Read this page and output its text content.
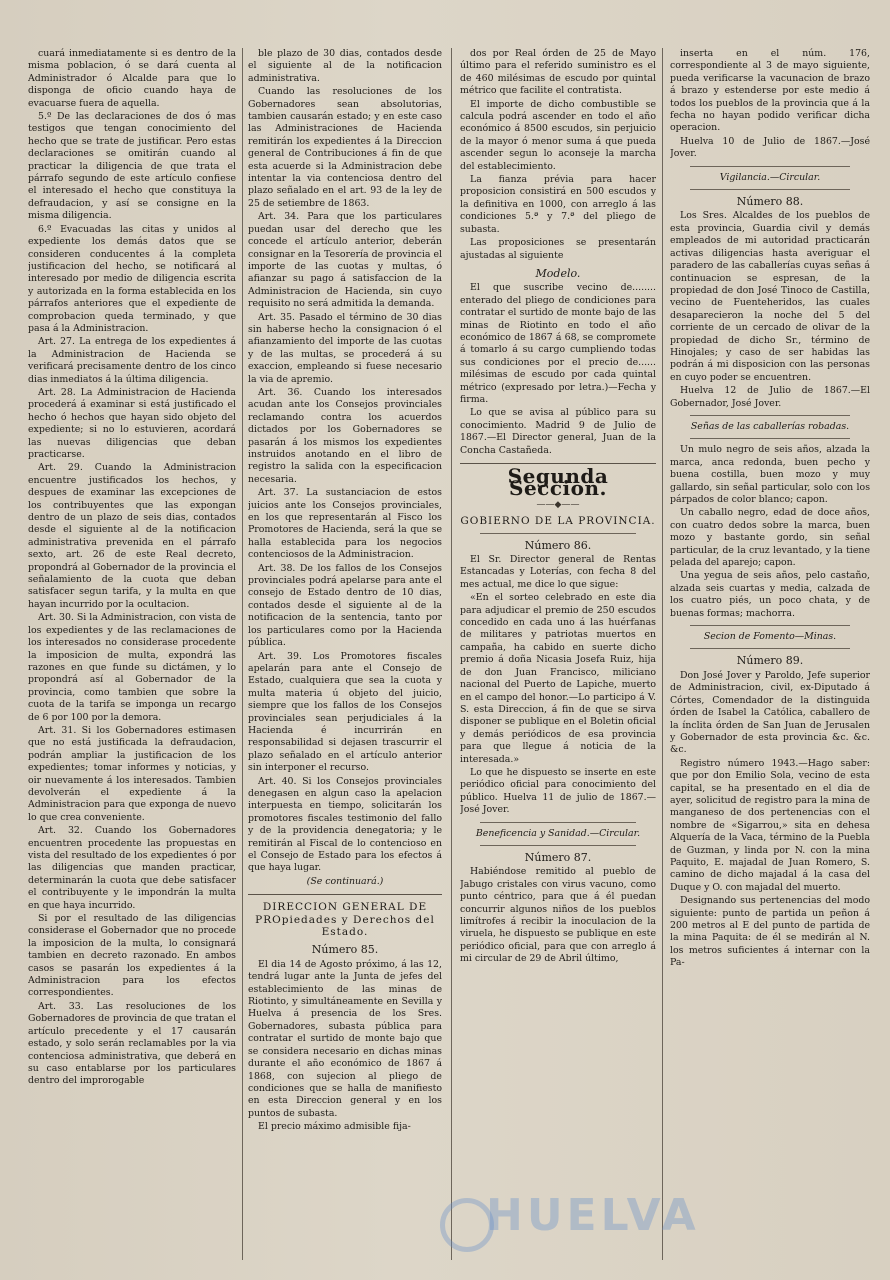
cuará inmediatamente si es dentro de la misma poblacion, ó se dará cuenta al Administrador ó Alcalde para que lo disponga de oficio cuando haya de evacuarse fuera de aquella.

5.º De las declaraciones de dos ó mas testigos que tengan conocimiento del hecho que se trate de justificar. Pero estas declaraciones se omitirán cuando al practicar la diligencia de que trata el párrafo segundo de este artículo confiese el interesado el hecho que constituya la defraudacion, y así se consigne en la misma diligencia.

6.º Evacuadas las citas y unidos al expediente los demás datos que se consideren conducentes á la completa justificacion del hecho, se notificará al interesado por medio de diligencia escrita y autorizada en la forma establecida en los párrafos anteriores que el expediente de comprobacion queda terminado, y que pasa á la Administracion.

Art. 27. La entrega de los expedientes á la Administracion de Hacienda se verificará precisamente dentro de los cinco dias inmediatos á la última diligencia.

Art. 28. La Administracion de Hacienda procederá á examinar si está justificado el hecho ó hechos que hayan sido objeto del expediente; si no lo estuvieren, acordará las nuevas diligencias que deban practicarse.

Art. 29. Cuando la Administracion encuentre justificados los hechos, y despues de examinar las excepciones de los contribuyentes que las expongan dentro de un plazo de seis dias, contados desde el siguiente al de la notificacion administrativa prevenida en el párrafo sexto, art. 26 de este Real decreto, propondrá al Gobernador de la provincia el señalamiento de la cuota que deban satisfacer segun tarifa, y la multa en que hayan incurrido por la ocultacion.

Art. 30. Si la Administracion, con vista de los expedientes y de las reclamaciones de los interesados no considerase procedente la imposicion de multa, expondrá las razones en que funde su dictámen, y lo propondrá así al Gobernador de la provincia, como tambien que sobre la cuota de la tarifa se imponga un recargo de 6 por 100 por la demora.

Art. 31. Si los Gobernadores estimasen que no está justificada la defraudacion, podrán ampliar la justificacion de los expedientes; tomar informes y noticias, y oir nuevamente á los interesados. Tambien devolverán el expediente á la Administracion para que exponga de nuevo lo que crea conveniente.

Art. 32. Cuando los Gobernadores encuentren procedente las propuestas en vista del resultado de los expedientes ó por las diligencias que manden practicar, determinarán la cuota que debe satisfacer el contribuyente y le impondrán la multa en que haya incurrido.

Si por el resultado de las diligencias considerase el Gobernador que no procede la imposicion de la multa, lo consignará tambien en decreto razonado. En ambos casos se pasarán los expedientes á la Administracion para los efectos correspondientes.

Art. 33. Las resoluciones de los Gobernadores de provincia de que tratan el artículo precedente y el 17 causarán estado, y solo serán reclamables por la via contenciosa administrativa, que deberá en su caso entablarse por los particulares dentro del improrogable

ble plazo de 30 dias, contados desde el siguiente al de la notificacion administrativa.

Cuando las resoluciones de los Gobernadores sean absolutorias, tambien causarán estado; y en este caso las Administraciones de Hacienda remitirán los expedientes á la Direccion general de Contribuciones á fin de que esta acuerde si la Administracion debe intentar la via contenciosa dentro del plazo señalado en el art. 93 de la ley de 25 de setiembre de 1863.

Art. 34. Para que los particulares puedan usar del derecho que les concede el artículo anterior, deberán consignar en la Tesorería de provincia el importe de las cuotas y multas, ó afianzar su pago á satisfaccion de la Administracion de Hacienda, sin cuyo requisito no será admitida la demanda.

Art. 35. Pasado el término de 30 dias sin haberse hecho la consignacion ó el afianzamiento del importe de las cuotas y de las multas, se procederá á su exaccion, empleando si fuese necesario la via de apremio.

Art. 36. Cuando los interesados acudan ante los Consejos provinciales reclamando contra los acuerdos dictados por los Gobernadores se pasarán á los mismos los expedientes instruidos anotando en el libro de registro la salida con la especificacion necesaria.

Art. 37. La sustanciacion de estos juicios ante los Consejos provinciales, en los que representarán al Fisco los Promotores de Hacienda, será la que se halla establecida para los negocios contenciosos de la Administracion.

Art. 38. De los fallos de los Consejos provinciales podrá apelarse para ante el consejo de Estado dentro de 10 dias, contados desde el siguiente al de la notificacion de la sentencia, tanto por los particulares como por la Hacienda pública.

Art. 39. Los Promotores fiscales apelarán para ante el Consejo de Estado, cualquiera que sea la cuota y multa materia ú objeto del juicio, siempre que los fallos de los Consejos provinciales sean perjudiciales á la Hacienda é incurrirán en responsabilidad si dejasen trascurrir el plazo señalado en el artículo anterior sin interponer el recurso.

Art. 40. Si los Consejos provinciales denegasen en algun caso la apelacion interpuesta en tiempo, solicitarán los promotores fiscales testimonio del fallo y de la providencia denegatoria; y le remitirán al Fiscal de lo contencioso en el Consejo de Estado para los efectos á que haya lugar.

(Se continuará.)

DIRECCION GENERAL DE PROpiedades y Derechos del Estado.
Número 85.

El dia 14 de Agosto próximo, á las 12, tendrá lugar ante la Junta de jefes del establecimiento de las minas de Riotinto, y simultáneamente en Sevilla y Huelva á presencia de los Sres. Gobernadores, subasta pública para contratar el surtido de monte bajo que se considera necesario en dichas minas durante el año económico de 1867 á 1868, con sujecion al pliego de condiciones que se halla de manifiesto en esta Direccion general y en los puntos de subasta.

El precio máximo admisible fija-

dos por Real órden de 25 de Mayo último para el referido suministro es el de 460 milésimas de escudo por quintal métrico que facilite el contratista.

El importe de dicho combustible se calcula podrá ascender en todo el año económico á 8500 escudos, sin perjuicio de la mayor ó menor suma á que pueda ascender segun lo aconseje la marcha del establecimiento.

La fianza prévia para hacer proposicion consistirá en 500 escudos y la definitiva en 1000, con arreglo á las condiciones 5.ª y 7.ª del pliego de subasta.

Las proposiciones se presentarán ajustadas al siguiente

Modelo.

El que suscribe vecino de........ enterado del pliego de condiciones para contratar el surtido de monte bajo de las minas de Riotinto en todo el año económico de 1867 á 68, se compromete á tomarlo á su cargo cumpliendo todas sus condiciones por el precio de...... milésimas de escudo por cada quintal métrico (expresado por letra.)—Fecha y firma.

Lo que se avisa al público para su conocimiento. Madrid 9 de Julio de 1867.—El Director general, Juan de la Concha Castañeda.

Segunda Seccion.
——◆——
GOBIERNO DE LA PROVINCIA.
Número 86.

El Sr. Director general de Rentas Estancadas y Loterías, con fecha 8 del mes actual, me dice lo que sigue:

«En el sorteo celebrado en este dia para adjudicar el premio de 250 escudos concedido en cada uno á las huérfanas de militares y patriotas muertos en campaña, ha cabido en suerte dicho premio á doña Nicasia Josefa Ruiz, hija de don Juan Francisco, miliciano nacional del Puerto de Lapiche, muerto en el campo del honor.—Lo participo á V. S. esta Direccion, á fin de que se sirva disponer se publique en el Boletin oficial y demás periódicos de esa provincia para que llegue á noticia de la interesada.»

Lo que he dispuesto se inserte en este periódico oficial para conocimiento del público. Huelva 11 de julio de 1867.—José Jover.

Beneficencia y Sanidad.—Circular.
Número 87.

Habiéndose remitido al pueblo de Jabugo cristales con virus vacuno, como punto céntrico, para que á él puedan concurrir algunos niños de los pueblos limítrofes á recibir la inoculacion de la viruela, he dispuesto se publique en este periódico oficial, para que con arreglo á mi circular de 29 de Abril último,

inserta en el núm. 176, correspondiente al 3 de mayo siguiente, pueda verificarse la vacunacion de brazo á brazo y estenderse por este medio á todos los pueblos de la provincia que á la fecha no hayan podido verificar dicha operacion.

Huelva 10 de Julio de 1867.—José Jover.

Vigilancia.—Circular.
Número 88.

Los Sres. Alcaldes de los pueblos de esta provincia, Guardia civil y demás empleados de mi autoridad practicarán activas diligencias hasta averiguar el paradero de las caballerías cuyas señas á continuacion se espresan, de la propiedad de don José Tinoco de Castilla, vecino de Fuenteheridos, las cuales desaparecieron la noche del 5 del corriente de un cercado de olivar de la propiedad de dicho Sr., término de Hinojales; y caso de ser habidas las podrán á mi disposicion con las personas en cuyo poder se encuentren.

Huelva 12 de Julio de 1867.—El Gobernador, José Jover.

Señas de las caballerías robadas.

Un mulo negro de seis años, alzada la marca, anca redonda, buen pecho y buena costilla, buen mozo y muy gallardo, sin señal particular, solo con los párpados de color blanco; capon.

Un caballo negro, edad de doce años, con cuatro dedos sobre la marca, buen mozo y bastante gordo, sin señal particular, de la cruz levantado, y la tiene pelada del aparejo; capon.

Una yegua de seis años, pelo castaño, alzada seis cuartas y media, calzada de los cuatro piés, un poco chata, y de buenas formas; machorra.

Secion de Fomento—Minas.
Número 89.

Don José Jover y Paroldo, Jefe superior de Administracion, civil, ex-Diputado á Córtes, Comendador de la distinguida órden de Isabel la Católica, caballero de la ínclita órden de San Juan de Jerusalen y Gobernador de esta provincia &c. &c. &c.

Registro número 1943.—Hago saber: que por don Emilio Sola, vecino de esta capital, se ha presentado en el dia de ayer, solicitud de registro para la mina de manganeso de dos pertenencias con el nombre de «Sigarrou,» sita en dehesa Alquería de la Vaca, término de la Puebla de Guzman, y linda por N. con la mina Paquito, E. majadal de Juan Romero, S. camino de dicho majadal á la casa del Duque y O. con majadal del muerto.

Designando sus pertenencias del modo siguiente: punto de partida un peñon á 200 metros al E del punto de partida de la mina Paquita: de él se medirán al N. los metros suficientes á internar con la Pa-

HUELVA
